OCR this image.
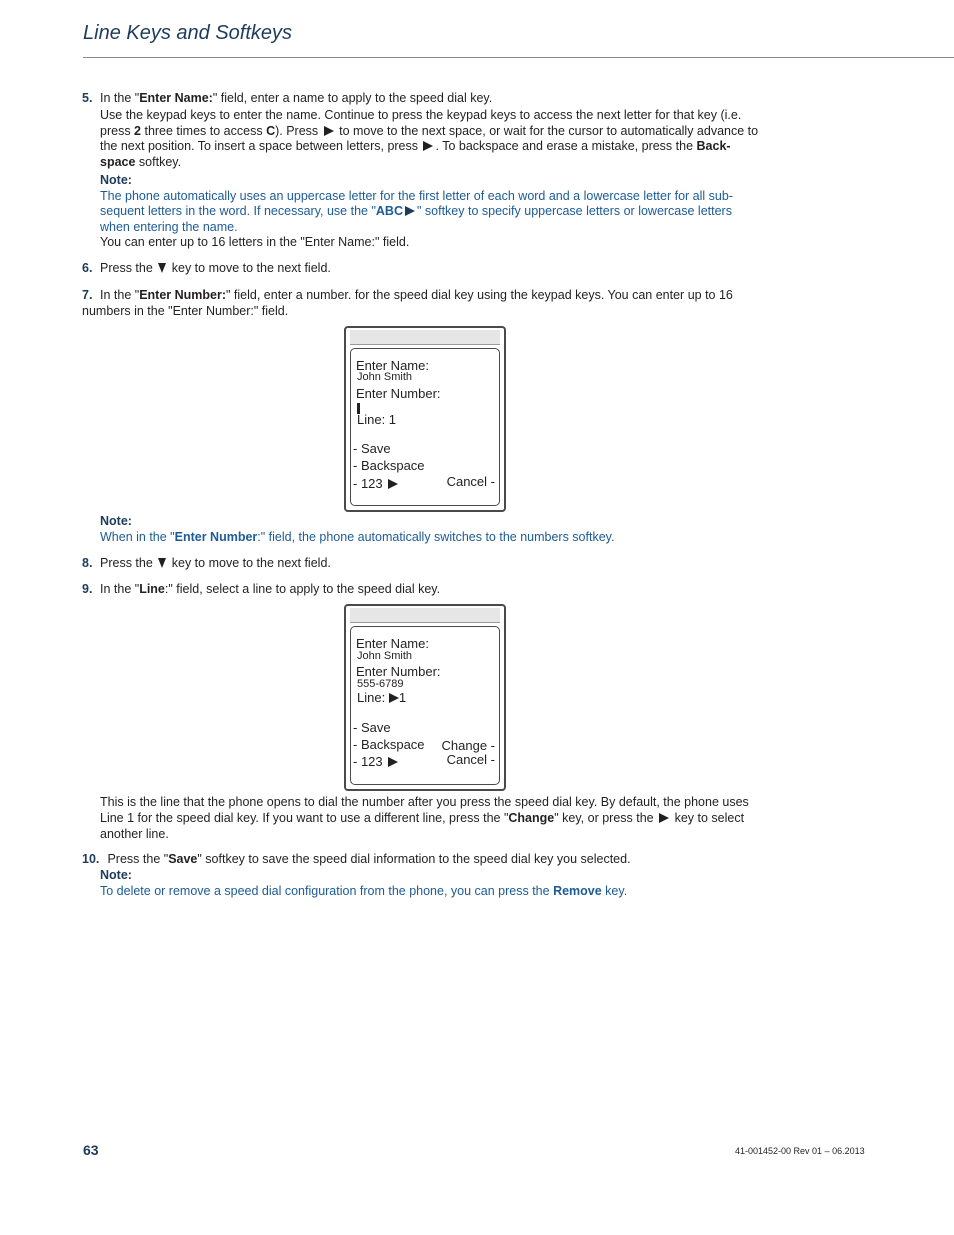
Line Keys and Softkeys
5. In the "Enter Name:" field, enter a name to apply to the speed dial key.
Use the keypad keys to enter the name. Continue to press the keypad keys to access the next letter for that key (i.e. press 2 three times to access C). Press  to move to the next space, or wait for the cursor to automatically advance to the next position. To insert a space between letters, press . To backspace and erase a mistake, press the Back-space softkey.
Note:
The phone automatically uses an uppercase letter for the first letter of each word and a lowercase letter for all sub-sequent letters in the word. If necessary, use the "ABC " softkey to specify uppercase letters or lowercase letters when entering the name.
You can enter up to 16 letters in the "Enter Name:" field.
6. Press the  key to move to the next field.
7. In the "Enter Number:" field, enter a number. for the speed dial key using the keypad keys. You can enter up to 16 numbers in the "Enter Number:" field.
Enter Name:
John Smith
Enter Number:
Line: 1
- Save
- Backspace
- 123	Cancel -
Note:
When in the "Enter Number:" field, the phone automatically switches to the numbers softkey.
8. Press the  key to move to the next field.
9. In the "Line:" field, select a line to apply to the speed dial key.
Enter Name:
John Smith
Enter Number:
555-6789
Line: 1
- Save
- Backspace
- 123
Change -
Cancel -
This is the line that the phone opens to dial the number after you press the speed dial key. By default, the phone uses Line 1 for the speed dial key. If you want to use a different line, press the "Change" key, or press the  key to select another line.
10. Press the "Save" softkey to save the speed dial information to the speed dial key you selected.
Note:
To delete or remove a speed dial configuration from the phone, you can press the Remove key.
63	41-001452-00 Rev 01 – 06.2013
